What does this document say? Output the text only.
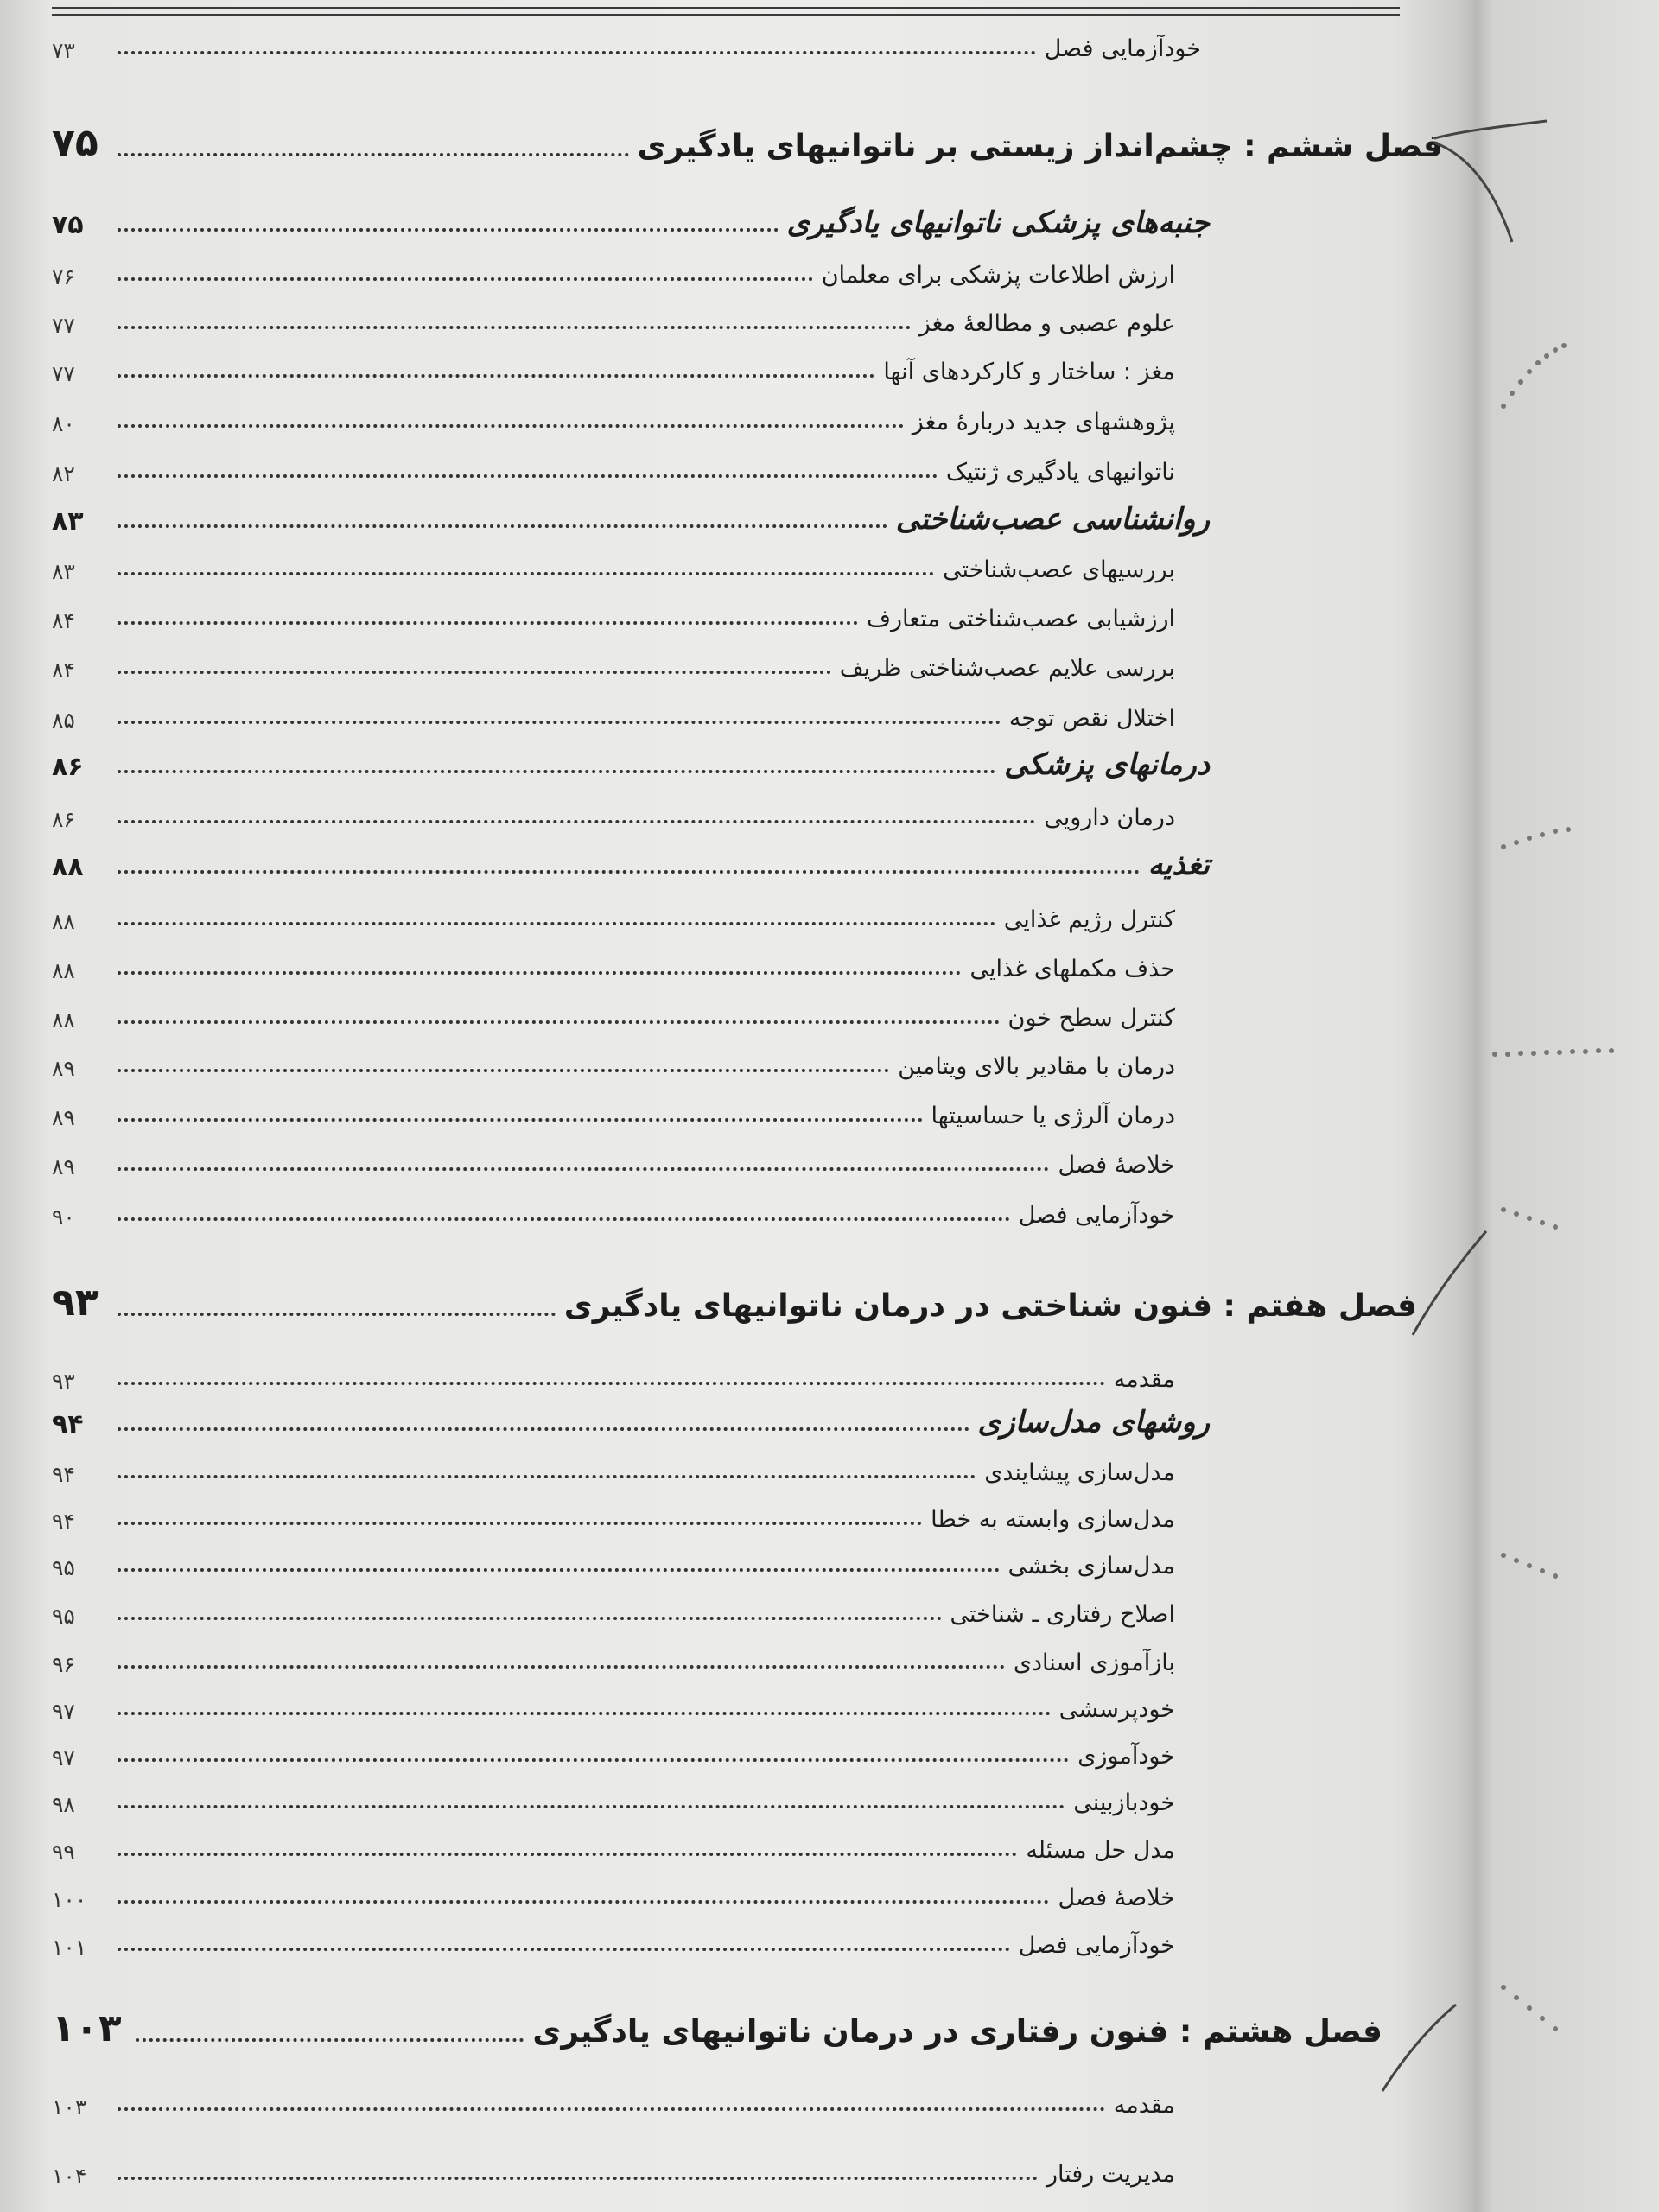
خودآزمایی فصل
۷۳
فصل ششم : چشم‌انداز زیستی بر ناتوانیهای یادگیری
۷۵
جنبه‌های پزشکی ناتوانیهای یادگیری
۷۵
ارزش اطلاعات پزشکی برای معلمان
۷۶
علوم عصبی و مطالعهٔ مغز
۷۷
مغز : ساختار و کارکردهای آنها
۷۷
پژوهشهای جدید دربارهٔ مغز
۸۰
ناتوانیهای یادگیری ژنتیک
۸۲
روانشناسی عصب‌شناختی
۸۳
بررسیهای عصب‌شناختی
۸۳
ارزشیابی عصب‌شناختی متعارف
۸۴
بررسی علایم عصب‌شناختی ظریف
۸۴
اختلال نقص توجه
۸۵
درمانهای پزشکی
۸۶
درمان دارویی
۸۶
تغذیه
۸۸
کنترل رژیم غذایی
۸۸
حذف مکملهای غذایی
۸۸
کنترل سطح خون
۸۸
درمان با مقادیر بالای ویتامین
۸۹
درمان آلرژی یا حساسیتها
۸۹
خلاصهٔ فصل
۸۹
خودآزمایی فصل
۹۰
فصل هفتم : فنون شناختی در درمان ناتوانیهای یادگیری
۹۳
مقدمه
۹۳
روشهای مدل‌سازی
۹۴
مدل‌سازی پیشایندی
۹۴
مدل‌سازی وابسته به خطا
۹۴
مدل‌سازی بخشی
۹۵
اصلاح رفتاری ـ شناختی
۹۵
بازآموزی اسنادی
۹۶
خودپرسشی
۹۷
خودآموزی
۹۷
خودبازبینی
۹۸
مدل حل مسئله
۹۹
خلاصهٔ فصل
۱۰۰
خودآزمایی فصل
۱۰۱
فصل هشتم : فنون رفتاری در درمان ناتوانیهای یادگیری
۱۰۳
مقدمه
۱۰۳
مدیریت رفتار
۱۰۴
